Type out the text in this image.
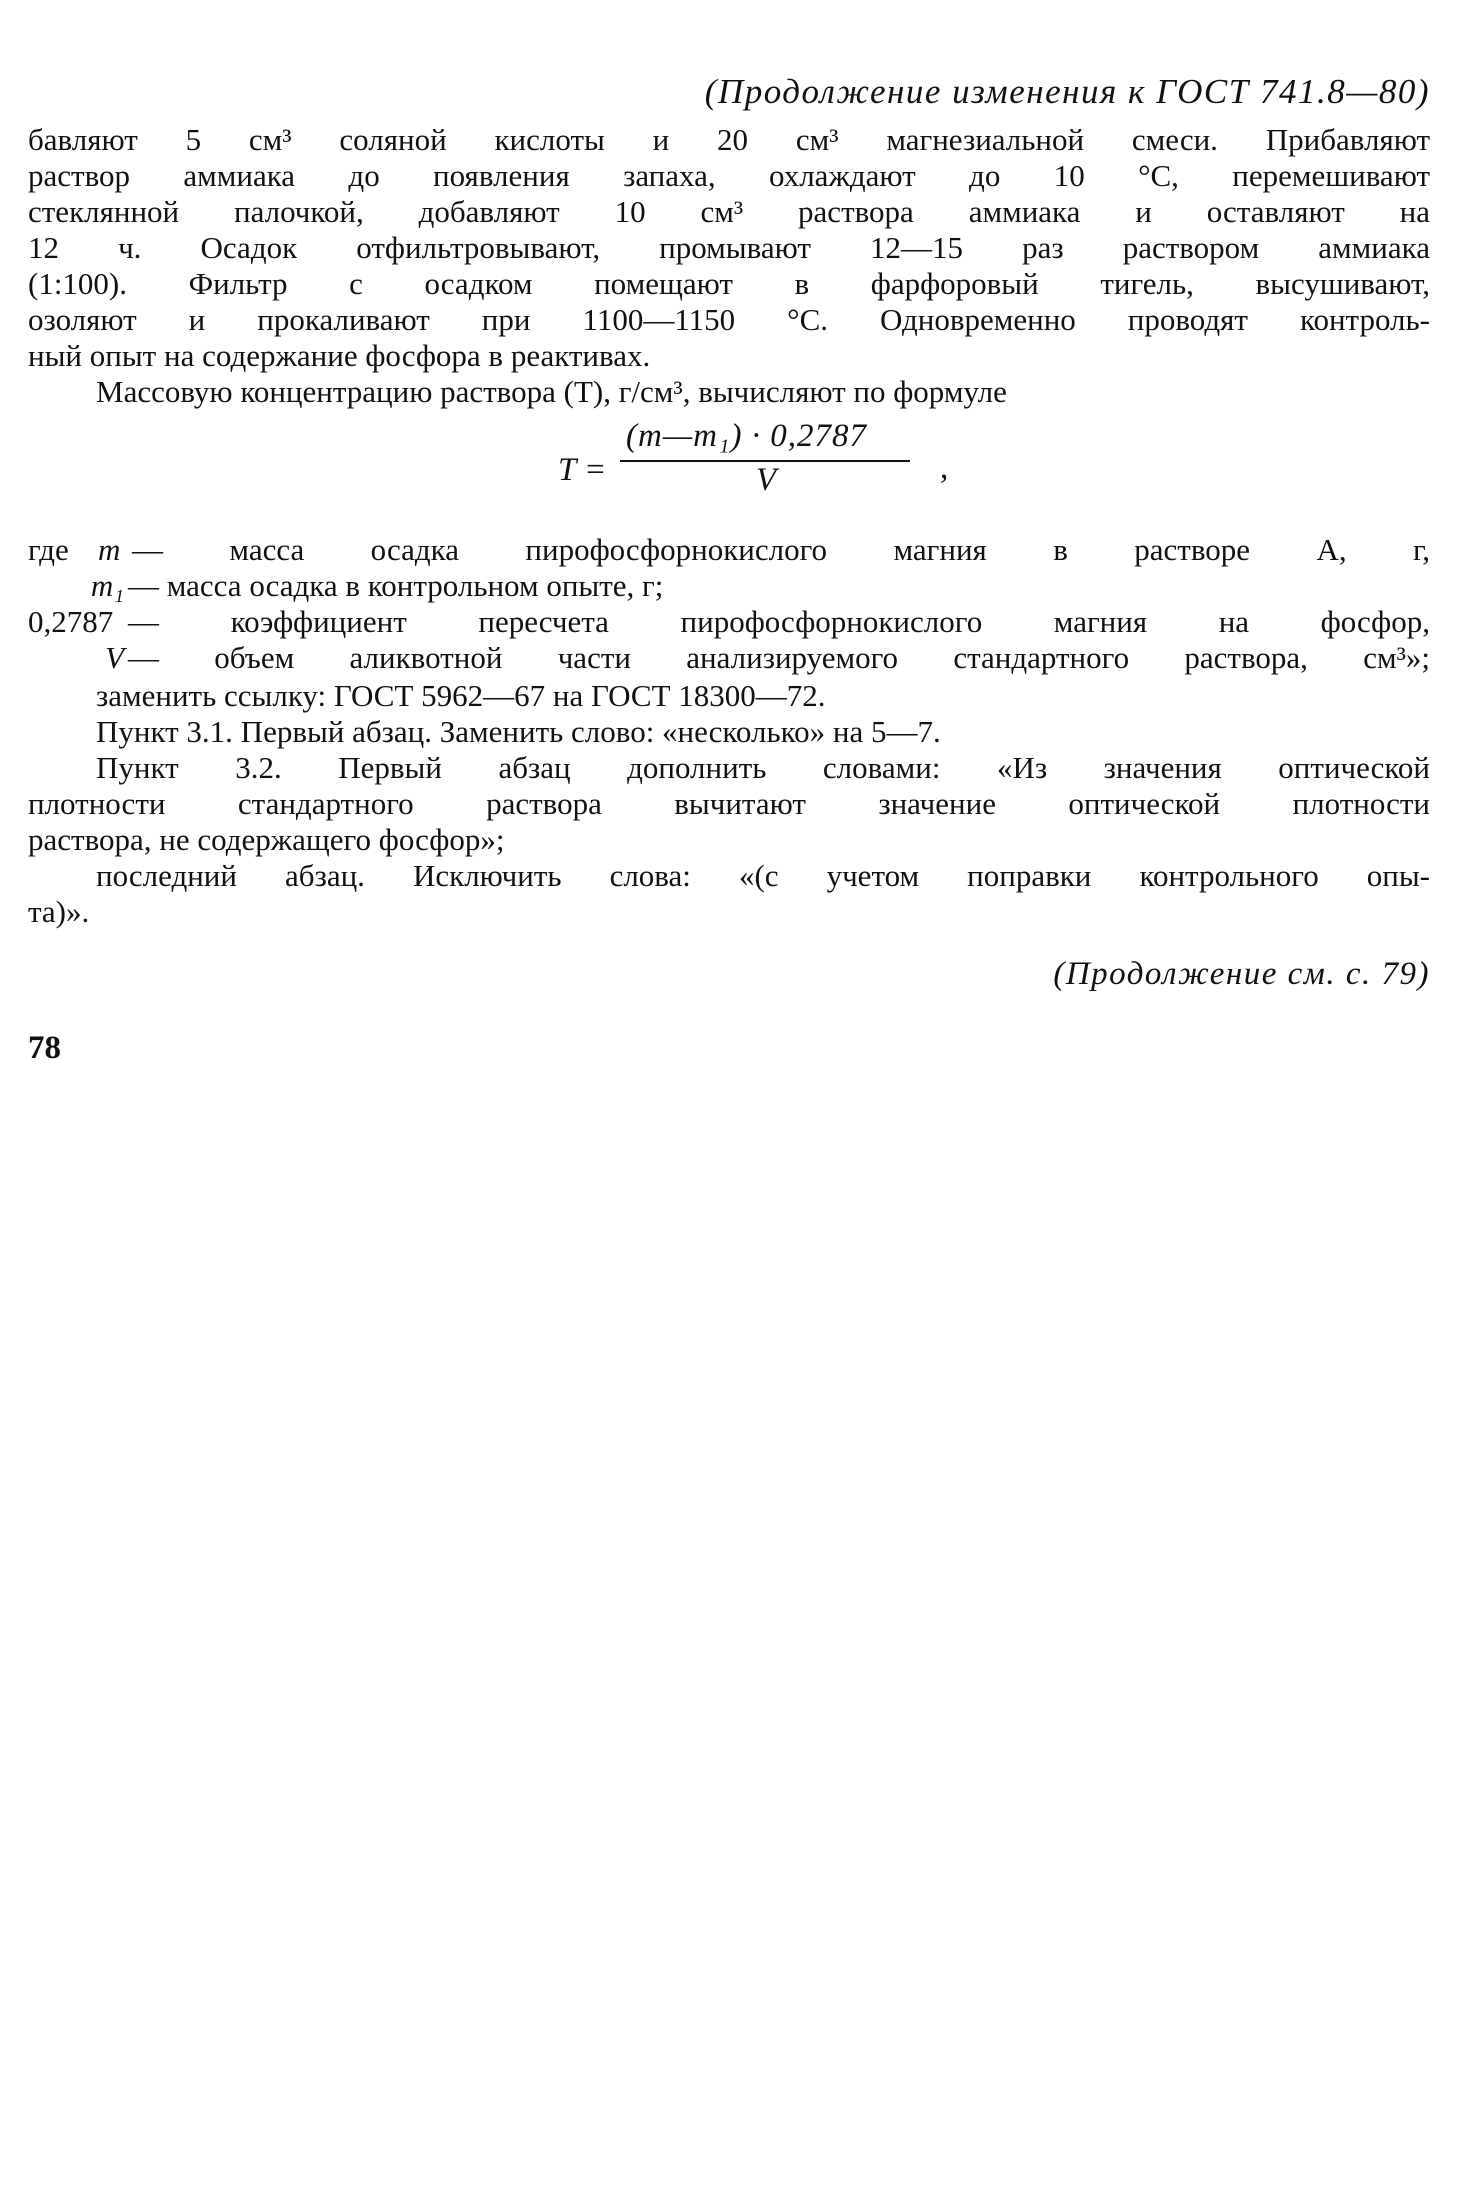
(Продолжение изменения к ГОСТ 741.8—80)

бавляют 5 см³ соляной кислоты и 20 см³ магнезиальной смеси. Прибавляют

раствор аммиака до появления запаха, охлаждают до 10 °С, перемешивают

стеклянной палочкой, добавляют 10 см³ раствора аммиака и оставляют на

12 ч. Осадок отфильтровывают, промывают 12—15 раз раствором аммиака

(1:100). Фильтр с осадком помещают в фарфоровый тигель, высушивают,

озоляют и прокаливают при 1100—1150 °С. Одновременно проводят контроль-

ный опыт на содержание фосфора в реактивах.

Массовую концентрацию раствора (Т), г/см³, вычисляют по формуле

T =
(m—m₁) · 0,2787
V	,
где m — масса осадка пирофосфорнокислого магния в растворе А, г,
m₁ — масса осадка в контрольном опыте, г;
0,2787 — коэффициент пересчета пирофосфорнокислого магния на фосфор,
V — объем аликвотной части анализируемого стандартного раствора, см³»;

заменить ссылку: ГОСТ 5962—67 на ГОСТ 18300—72.

Пункт 3.1. Первый абзац. Заменить слово: «несколько» на 5—7.

Пункт 3.2. Первый абзац дополнить словами: «Из значения оптической

плотности стандартного раствора вычитают значение оптической плотности

раствора, не содержащего фосфор»;

последний абзац. Исключить слова: «(с учетом поправки контрольного опы-

та)».

(Продолжение см. с. 79)
78
